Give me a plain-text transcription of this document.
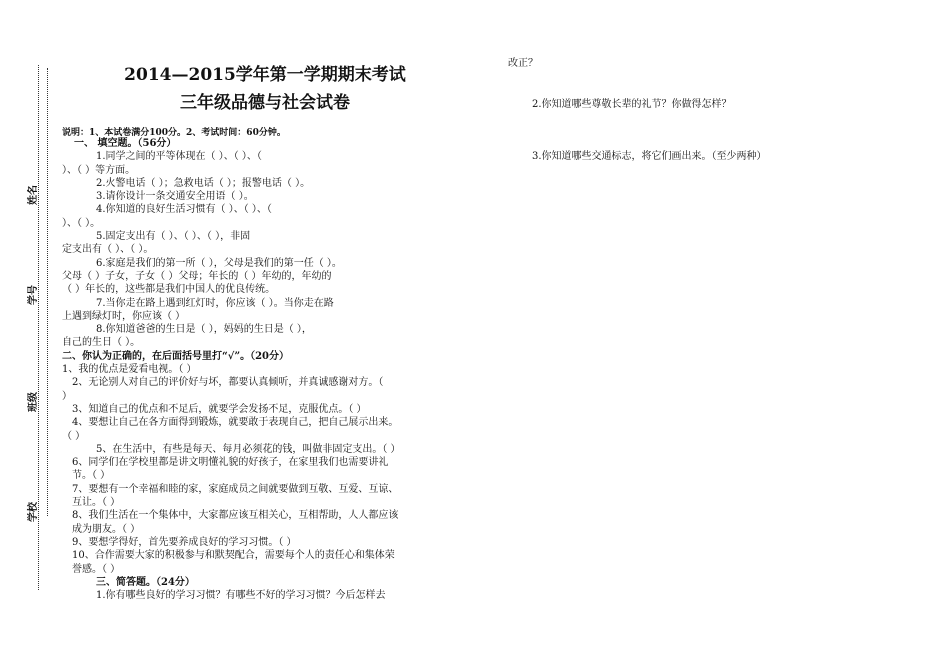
姓名
学号
班级
学校
2014—2015学年第一学期期末考试
三年级品德与社会试卷
说明：1、本试卷满分100分。2、考试时间：60分钟。
一、 填空题。（56分）
1.同学之间的平等体现在（ ）、（ ）、（
）、（ ）等方面。
2.火警电话（ ）；急救电话（ ）；报警电话（ ）。
3.请你设计一条交通安全用语（ ）。
4.你知道的良好生活习惯有（ ）、（ ）、（
）、（ ）。
5.固定支出有（ ）、（ ）、（ ），非固
定支出有（ ）、（ ）。
6.家庭是我们的第一所（ ），父母是我们的第一任（ ）。
父母（ ）子女，子女（ ）父母；年长的（ ）年幼的，年幼的
（ ）年长的，这些都是我们中国人的优良传统。
7.当你走在路上遇到红灯时，你应该（ ）。当你走在路
上遇到绿灯时，你应该（ ）
8.你知道爸爸的生日是（ ），妈妈的生日是（ ），
自己的生日（ ）。
二、你认为正确的，在后面括号里打“√”。（20分）
1、我的优点是爱看电视。（ ）
2、无论别人对自己的评价好与坏，都要认真倾听，并真诚感谢对方。（
）
3、知道自己的优点和不足后，就要学会发扬不足，克服优点。（ ）
4、要想让自己在各方面得到锻炼，就要敢于表现自己，把自己展示出来。
（ ）
5、在生活中，有些是每天、每月必须花的钱，叫做非固定支出。（ ）
6、同学们在学校里都是讲文明懂礼貌的好孩子，在家里我们也需要讲礼
节。（ ）
7、要想有一个幸福和睦的家，家庭成员之间就要做到互敬、互爱、互谅、
互让。（ ）
8、我们生活在一个集体中，大家都应该互相关心，互相帮助，人人都应该
成为朋友。（ ）
9、要想学得好，首先要养成良好的学习习惯。（ ）
10、合作需要大家的积极参与和默契配合，需要每个人的责任心和集体荣
誉感。（ ）
三、简答题。（24分）
1.你有哪些良好的学习习惯？有哪些不好的学习习惯？今后怎样去
改正？
2.你知道哪些尊敬长辈的礼节？你做得怎样？
3.你知道哪些交通标志，将它们画出来。（至少两种）
